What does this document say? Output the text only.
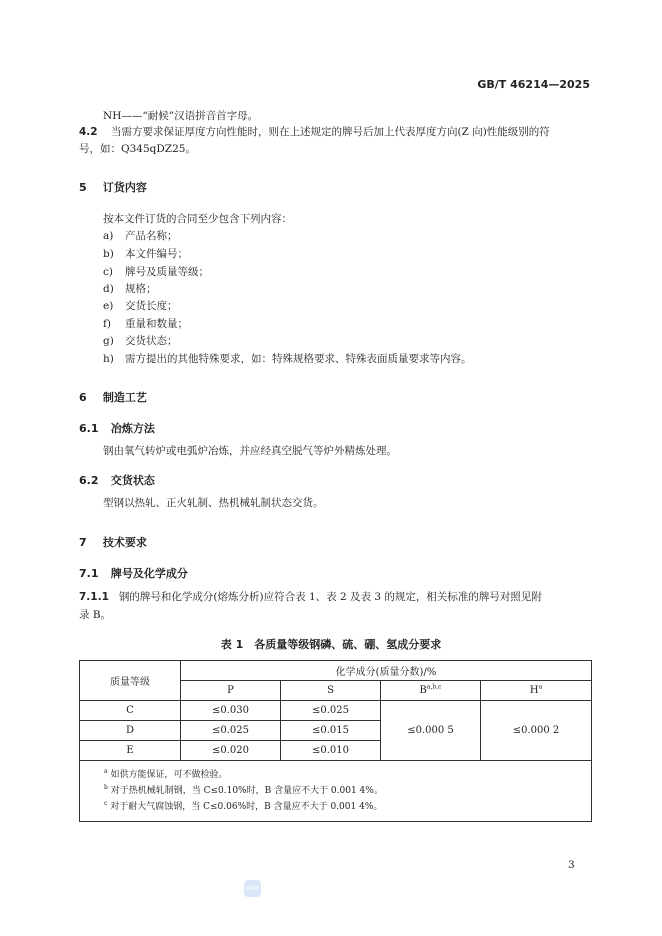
GB/T 46214—2025
NH——“耐候”汉语拼音首字母。
4.2 当需方要求保证厚度方向性能时，则在上述规定的牌号后加上代表厚度方向(Z 向)性能级别的符
号，如：Q345qDZ25。
5 订货内容
按本文件订货的合同至少包含下列内容：
a) 产品名称；
b) 本文件编号；
c) 牌号及质量等级；
d) 规格；
e) 交货长度；
f) 重量和数量；
g) 交货状态；
h) 需方提出的其他特殊要求，如：特殊规格要求、特殊表面质量要求等内容。
6 制造工艺
6.1 冶炼方法
钢由氧气转炉或电弧炉冶炼，并应经真空脱气等炉外精炼处理。
6.2 交货状态
型钢以热轧、正火轧制、热机械轧制状态交货。
7 技术要求
7.1 牌号及化学成分
7.1.1 钢的牌号和化学成分(熔炼分析)应符合表 1、表 2 及表 3 的规定，相关标准的牌号对照见附
录 B。
表 1　各质量等级钢磷、硫、硼、氢成分要求
质量等级	化学成分(质量分数)/%			
	P	S	B$^{a,b,c}$	$H^a$
C	≤0.030	≤0.025	≤0.000 5	≤0.000 2
D	≤0.025	≤0.015		
E	≤0.020	≤0.010		

$^a$ 如供方能保证，可不做检验。
$^b$ 对于热机械轧制钢，当 C≤0.10%时，B 含量应不大于 0.001 4%。
$^c$ 对于耐大气腐蚀钢，当 C≤0.06%时，B 含量应不大于 0.001 4%。				
3
GWF
